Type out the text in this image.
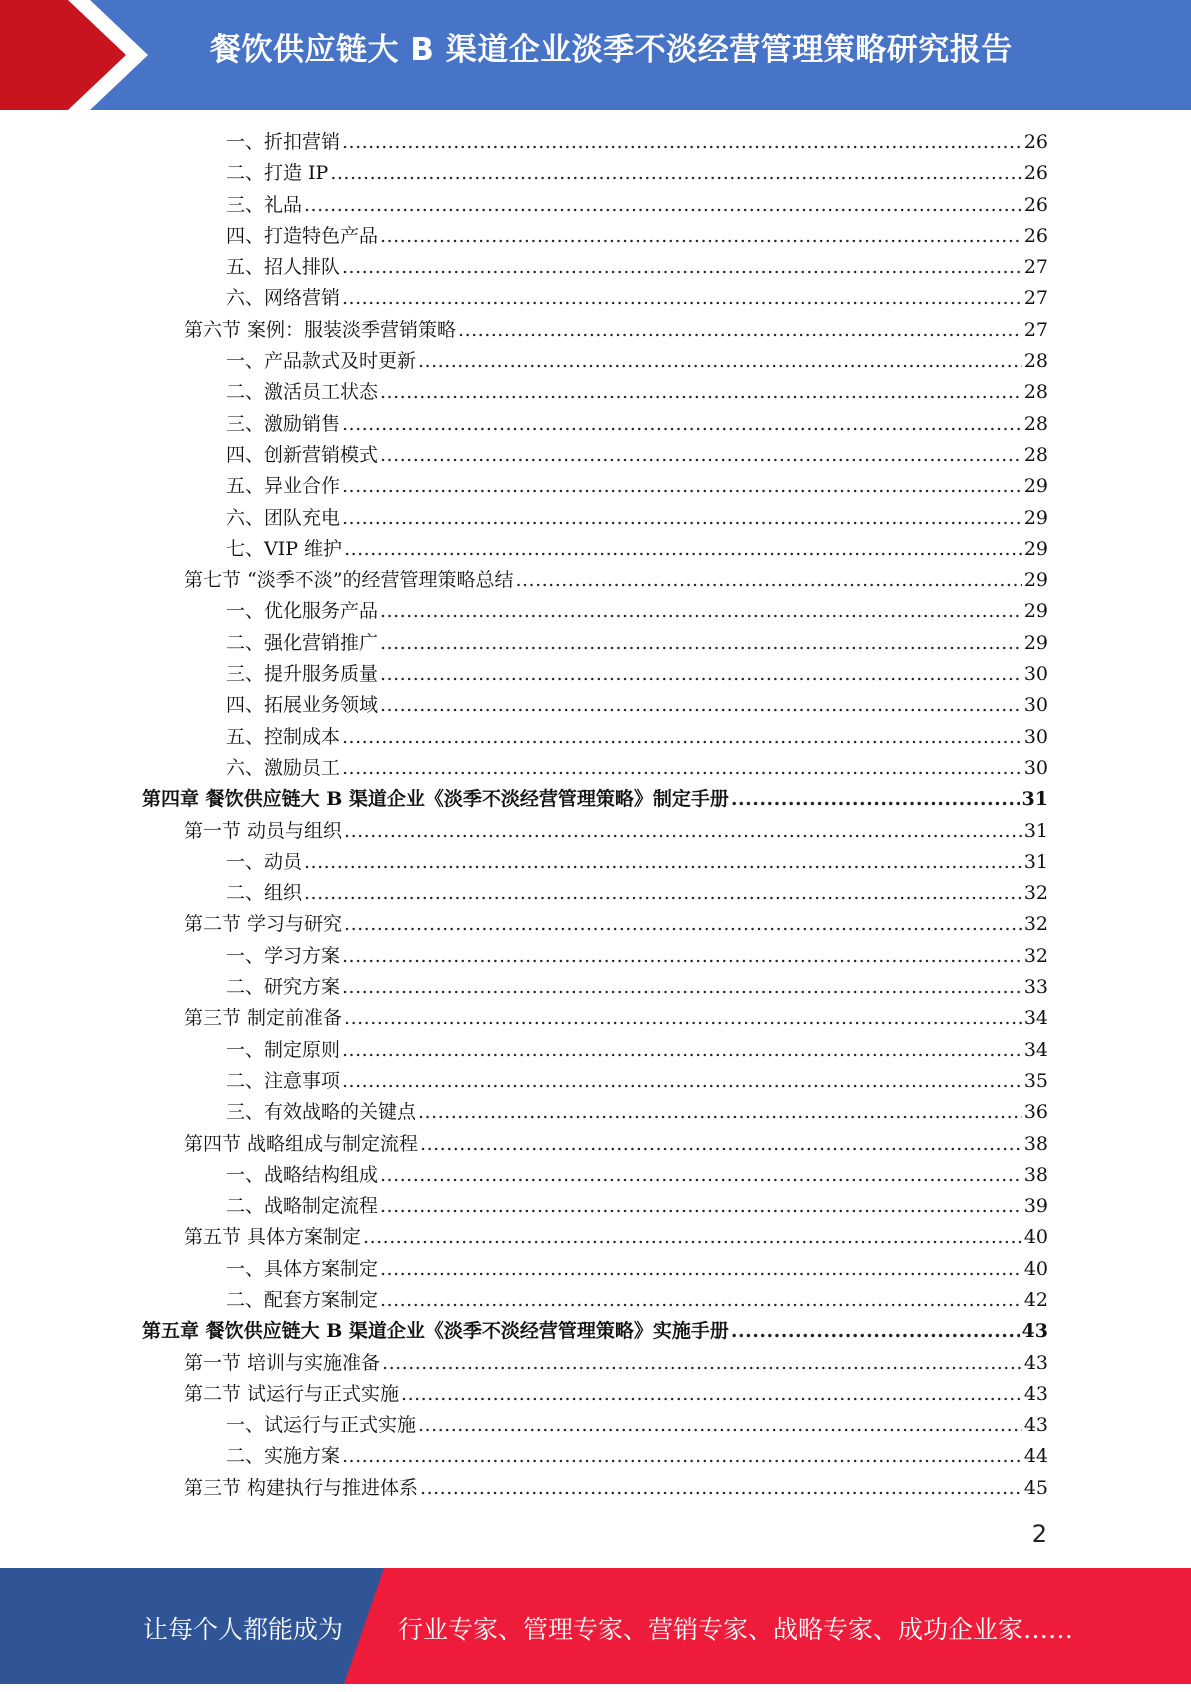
餐饮供应链大 B 渠道企业淡季不淡经营管理策略研究报告
一、折扣营销 .....	26
二、打造 IP .....	26
三、礼品 .....	26
四、打造特色产品 .....	26
五、招人排队 .....	27
六、网络营销 .....	27
第六节 案例：服装淡季营销策略 .....	27
一、产品款式及时更新 .....	28
二、激活员工状态 .....	28
三、激励销售 .....	28
四、创新营销模式 .....	28
五、异业合作 .....	29
六、团队充电 .....	29
七、VIP 维护 .....	29
第七节 “淡季不淡”的经营管理策略总结 .....	29
一、优化服务产品 .....	29
二、强化营销推广 .....	29
三、提升服务质量 .....	30
四、拓展业务领域 .....	30
五、控制成本 .....	30
六、激励员工 .....	30
第四章 餐饮供应链大 B 渠道企业《淡季不淡经营管理策略》制定手册 .....	31
第一节 动员与组织 .....	31
一、动员 .....	31
二、组织 .....	32
第二节 学习与研究 .....	32
一、学习方案 .....	32
二、研究方案 .....	33
第三节 制定前准备 .....	34
一、制定原则 .....	34
二、注意事项 .....	35
三、有效战略的关键点 .....	36
第四节 战略组成与制定流程 .....	38
一、战略结构组成 .....	38
二、战略制定流程 .....	39
第五节 具体方案制定 .....	40
一、具体方案制定 .....	40
二、配套方案制定 .....	42
第五章 餐饮供应链大 B 渠道企业《淡季不淡经营管理策略》实施手册 .....	43
第一节 培训与实施准备 .....	43
第二节 试运行与正式实施 .....	43
一、试运行与正式实施 .....	43
二、实施方案 .....	44
第三节 构建执行与推进体系 .....	45
2
让每个人都能成为 行业专家、管理专家、营销专家、战略专家、成功企业家……
